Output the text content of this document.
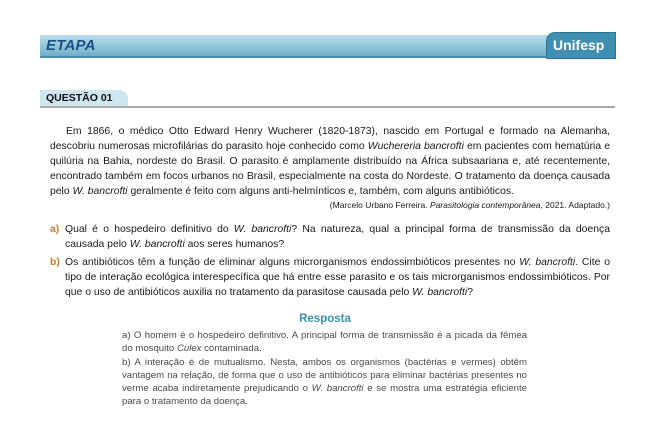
ETAPA	Unifesp
QUESTÃO 01

Em 1866, o médico Otto Edward Henry Wucherer (1820-1873), nascido em Portugal e formado na Alemanha, descobriu numerosas microfilárias do parasito hoje conhecido como Wuchereria bancrofti em pacientes com hematúria e quilúria na Bahia, nordeste do Brasil. O parasito é amplamente distribuído na África subsaariana e, até recentemente, encontrado também em focos urbanos no Brasil, especialmente na costa do Nordeste. O tratamento da doença causada pelo W. bancrofti geralmente é feito com alguns anti-helmínticos e, também, com alguns antibióticos.

(Marcelo Urbano Ferreira. Parasitologia contemporânea, 2021. Adaptado.)
a) Qual é o hospedeiro definitivo do W. bancrofti? Na natureza, qual a principal forma de transmissão da doença causada pelo W. bancrofti aos seres humanos?
b) Os antibióticos têm a função de eliminar alguns microrganismos endossimbióticos presentes no W. bancrofti. Cite o tipo de interação ecológica interespecífica que há entre esse parasito e os tais microrganismos endossimbióticos. Por que o uso de antibióticos auxilia no tratamento da parasitose causada pelo W. bancrofti?
Resposta

a) O homem é o hospedeiro definitivo. A principal forma de transmissão é a picada da fêmea do mosquito Culex contaminada.

b) A interação é de mutualismo. Nesta, ambos os organismos (bactérias e vermes) obtêm vantagem na relação, de forma que o uso de antibióticos para eliminar bactérias presentes no verme acaba indiretamente prejudicando o W. bancrofti e se mostra uma estratégia eficiente para o tratamento da doença.
